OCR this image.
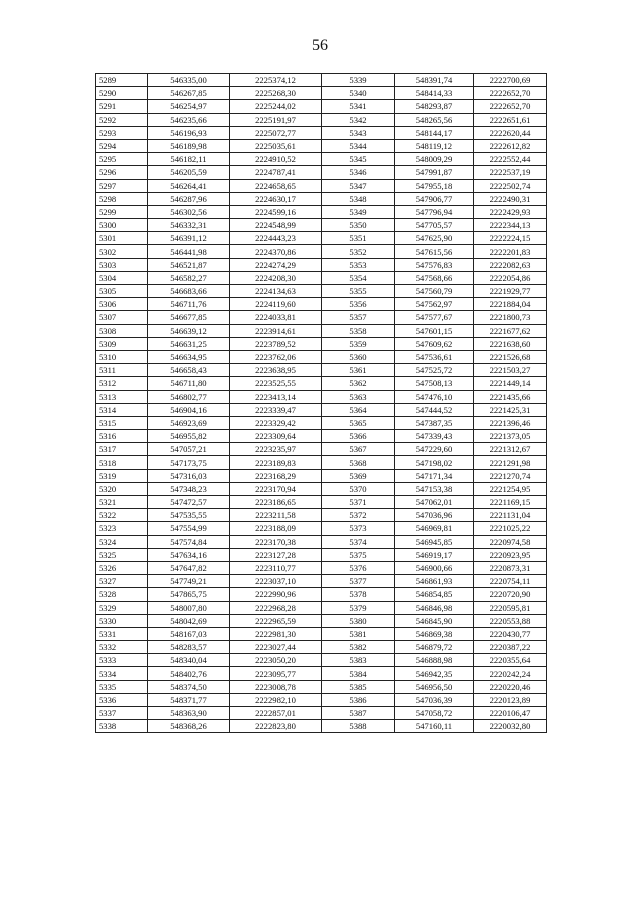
56
5289	546335,00	2225374,12	5339	548391,74	2222700,69
5290	546267,85	2225268,30	5340	548414,33	2222652,70
5291	546254,97	2225244,02	5341	548293,87	2222652,70
5292	546235,66	2225191,97	5342	548265,56	2222651,61
5293	546196,93	2225072,77	5343	548144,17	2222620,44
5294	546189,98	2225035,61	5344	548119,12	2222612,82
5295	546182,11	2224910,52	5345	548009,29	2222552,44
5296	546205,59	2224787,41	5346	547991,87	2222537,19
5297	546264,41	2224658,65	5347	547955,18	2222502,74
5298	546287,96	2224630,17	5348	547906,77	2222490,31
5299	546302,56	2224599,16	5349	547796,94	2222429,93
5300	546332,31	2224548,99	5350	547705,57	2222344,13
5301	546391,12	2224443,23	5351	547625,90	2222224,15
5302	546441,98	2224370,86	5352	547615,56	2222201,83
5303	546521,87	2224274,29	5353	547576,83	2222082,63
5304	546582,27	2224208,30	5354	547568,66	2222054,86
5305	546683,66	2224134,63	5355	547560,79	2221929,77
5306	546711,76	2224119,60	5356	547562,97	2221884,04
5307	546677,85	2224033,81	5357	547577,67	2221800,73
5308	546639,12	2223914,61	5358	547601,15	2221677,62
5309	546631,25	2223789,52	5359	547609,62	2221638,60
5310	546634,95	2223762,06	5360	547536,61	2221526,68
5311	546658,43	2223638,95	5361	547525,72	2221503,27
5312	546711,80	2223525,55	5362	547508,13	2221449,14
5313	546802,77	2223413,14	5363	547476,10	2221435,66
5314	546904,16	2223339,47	5364	547444,52	2221425,31
5315	546923,69	2223329,42	5365	547387,35	2221396,46
5316	546955,82	2223309,64	5366	547339,43	2221373,05
5317	547057,21	2223235,97	5367	547229,60	2221312,67
5318	547173,75	2223189,83	5368	547198,02	2221291,98
5319	547316,03	2223168,29	5369	547171,34	2221270,74
5320	547348,23	2223170,94	5370	547153,38	2221254,95
5321	547472,57	2223186,65	5371	547062,01	2221169,15
5322	547535,55	2223211,58	5372	547036,96	2221131,04
5323	547554,99	2223188,09	5373	546969,81	2221025,22
5324	547574,84	2223170,38	5374	546945,85	2220974,58
5325	547634,16	2223127,28	5375	546919,17	2220923,95
5326	547647,82	2223110,77	5376	546900,66	2220873,31
5327	547749,21	2223037,10	5377	546861,93	2220754,11
5328	547865,75	2222990,96	5378	546854,85	2220720,90
5329	548007,80	2222968,28	5379	546846,98	2220595,81
5330	548042,69	2222965,59	5380	546845,90	2220553,88
5331	548167,03	2222981,30	5381	546869,38	2220430,77
5332	548283,57	2223027,44	5382	546879,72	2220387,22
5333	548340,04	2223050,20	5383	546888,98	2220355,64
5334	548402,76	2223095,77	5384	546942,35	2220242,24
5335	548374,50	2223008,78	5385	546956,50	2220220,46
5336	548371,77	2222982,10	5386	547036,39	2220123,89
5337	548363,90	2222857,01	5387	547058,72	2220106,47
5338	548368,26	2222823,80	5388	547160,11	2220032,80
